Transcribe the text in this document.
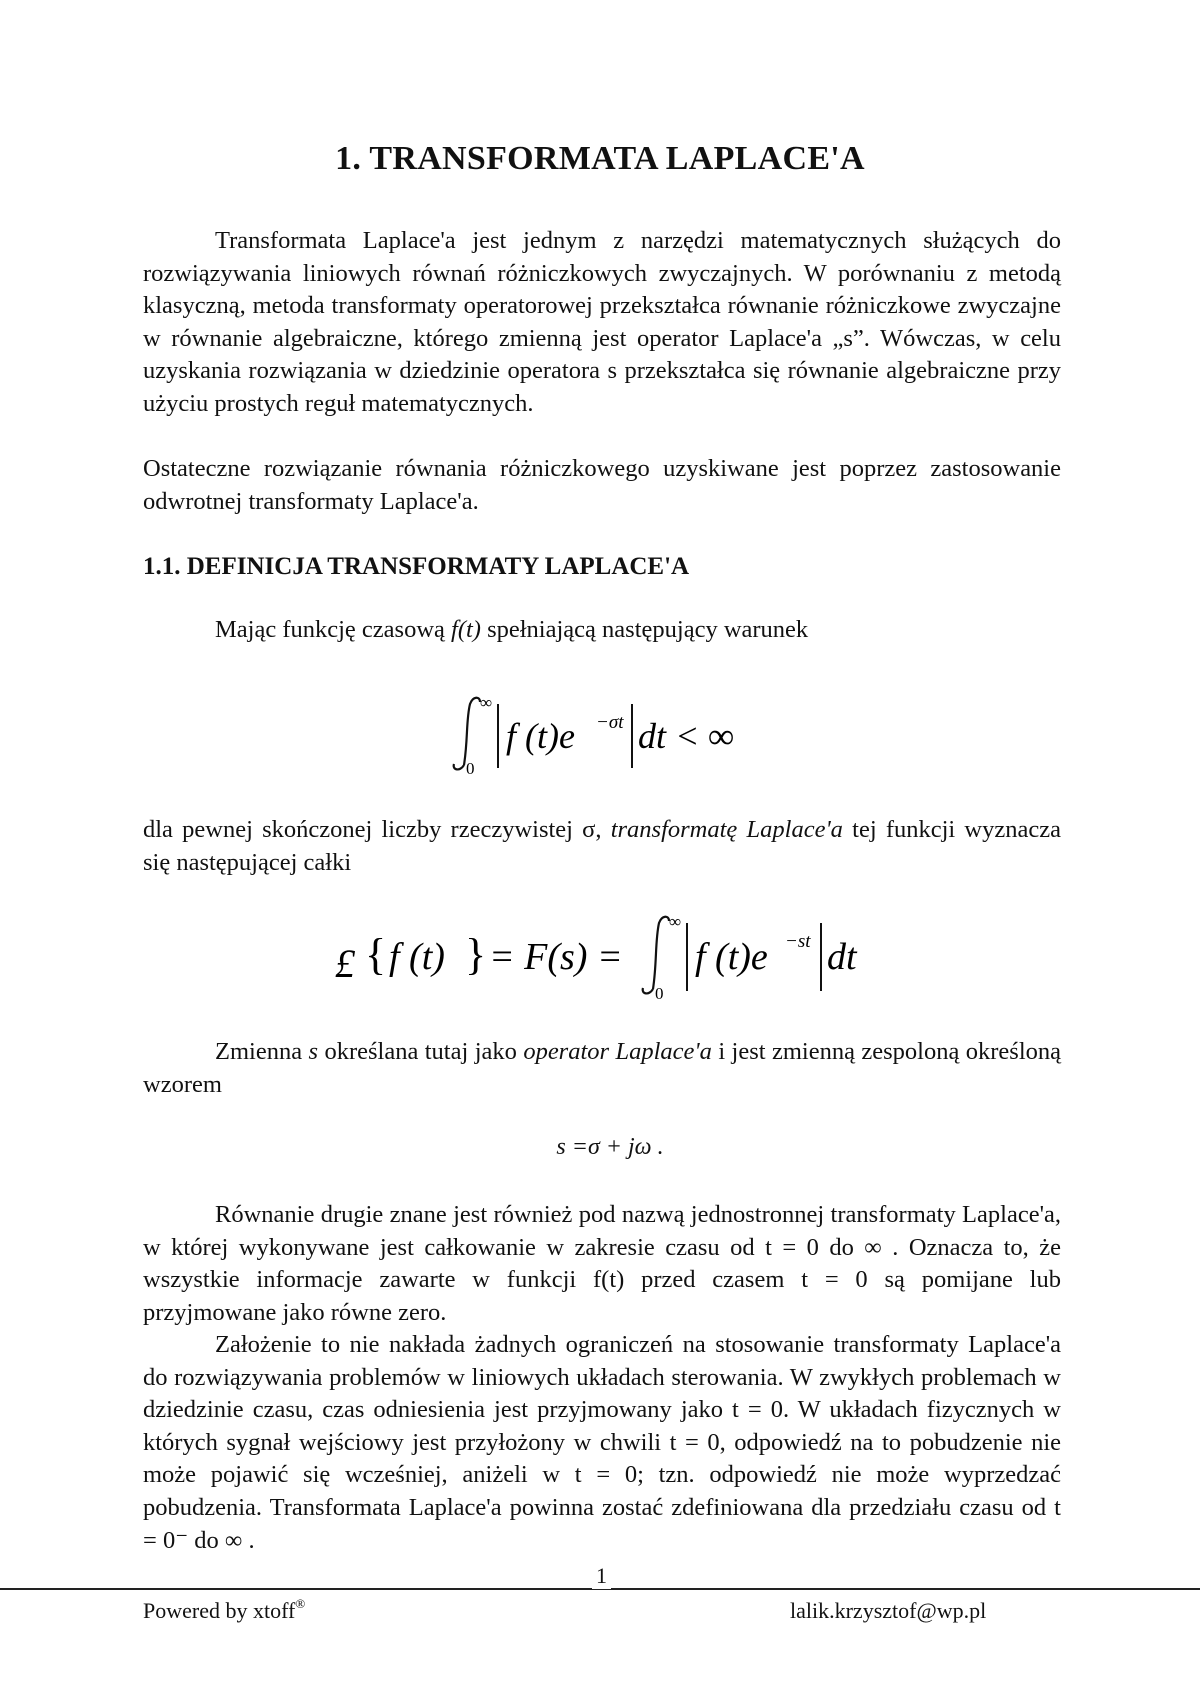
1. TRANSFORMATA LAPLACE'A

Transformata Laplace'a jest jednym z narzędzi matematycznych służących do rozwiązywania liniowych równań różniczkowych zwyczajnych. W porównaniu z metodą klasyczną, metoda transformaty operatorowej przekształca równanie różniczkowe zwyczajne w równanie algebraiczne, którego zmienną jest operator Laplace'a „s”. Wówczas, w celu uzyskania rozwiązania w dziedzinie operatora s przekształca się równanie algebraiczne przy użyciu prostych reguł matematycznych.

Ostateczne rozwiązanie równania różniczkowego uzyskiwane jest poprzez zastosowanie odwrotnej transformaty Laplace'a.

1.1. DEFINICJA TRANSFORMATY LAPLACE'A

Mając funkcję czasową f(t) spełniającą następujący warunek

∞
0
f (t)e −σt dt < ∞

dla pewnej skończonej liczby rzeczywistej σ, transformatę Laplace'a tej funkcji wyznacza się następującej całki

£ { f (t) } = F(s) =
∞
0
f (t)e −st dt

Zmienna s określana tutaj jako operator Laplace'a i jest zmienną zespoloną określoną wzorem

s =σ + jω .

Równanie drugie znane jest również pod nazwą jednostronnej transformaty Laplace'a, w której wykonywane jest całkowanie w zakresie czasu od t = 0 do ∞ . Oznacza to, że wszystkie informacje zawarte w funkcji f(t) przed czasem t = 0 są pomijane lub przyjmowane jako równe zero.

Założenie to nie nakłada żadnych ograniczeń na stosowanie transformaty Laplace'a do rozwiązywania problemów w liniowych układach sterowania. W zwykłych problemach w dziedzinie czasu, czas odniesienia jest przyjmowany jako t = 0. W układach fizycznych w których sygnał wejściowy jest przyłożony w chwili t = 0, odpowiedź na to pobudzenie nie może pojawić się wcześniej, aniżeli w t = 0; tzn. odpowiedź nie może wyprzedzać pobudzenia. Transformata Laplace'a powinna zostać zdefiniowana dla przedziału czasu od t = 0⁻ do ∞ .

1
Powered by xtoff®	lalik.krzysztof@wp.pl
